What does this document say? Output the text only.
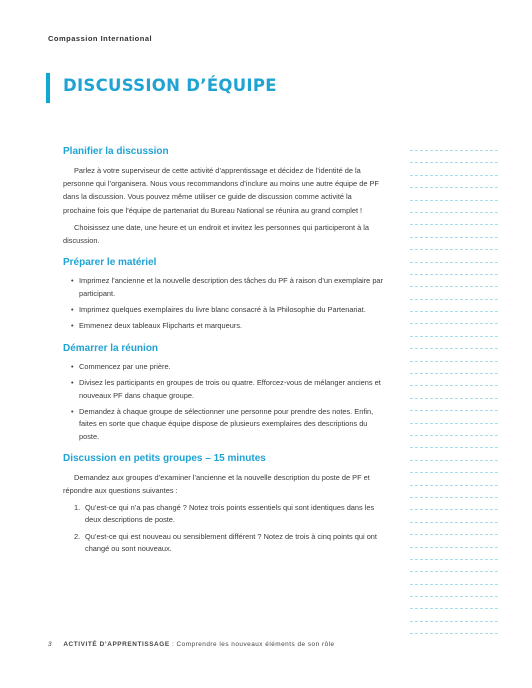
Compassion International
DISCUSSION D’ÉQUIPE
Planifier la discussion

Parlez à votre superviseur de cette activité d’apprentissage et décidez de l’identité de la personne qui l’organisera. Nous vous recommandons d’inclure au moins une autre équipe de PF dans la discussion. Vous pouvez même utiliser ce guide de discussion comme activité la prochaine fois que l’équipe de partenariat du Bureau National se réunira au grand complet !

Choisissez une date, une heure et un endroit et invitez les personnes qui participeront à la discussion.

Préparer le matériel
• Imprimez l’ancienne et la nouvelle description des tâches du PF à raison d’un exemplaire par participant.
• Imprimez quelques exemplaires du livre blanc consacré à la Philosophie du Partenariat.
• Emmenez deux tableaux Flipcharts et marqueurs.
Démarrer la réunion
• Commencez par une prière.
• Divisez les participants en groupes de trois ou quatre. Efforcez-vous de mélanger anciens et nouveaux PF dans chaque groupe.
• Demandez à chaque groupe de sélectionner une personne pour prendre des notes. Enfin, faites en sorte que chaque équipe dispose de plusieurs exemplaires des descriptions du poste.
Discussion en petits groupes – 15 minutes

Demandez aux groupes d’examiner l’ancienne et la nouvelle description du poste de PF et répondre aux questions suivantes :

1. Qu’est-ce qui n’a pas changé ? Notez trois points essentiels qui sont identiques dans les deux descriptions de poste.
2. Qu’est-ce qui est nouveau ou sensiblement différent ? Notez de trois à cinq points qui ont changé ou sont nouveaux.
3 ACTIVITÉ D’APPRENTISSAGE : Comprendre les nouveaux éléments de son rôle
